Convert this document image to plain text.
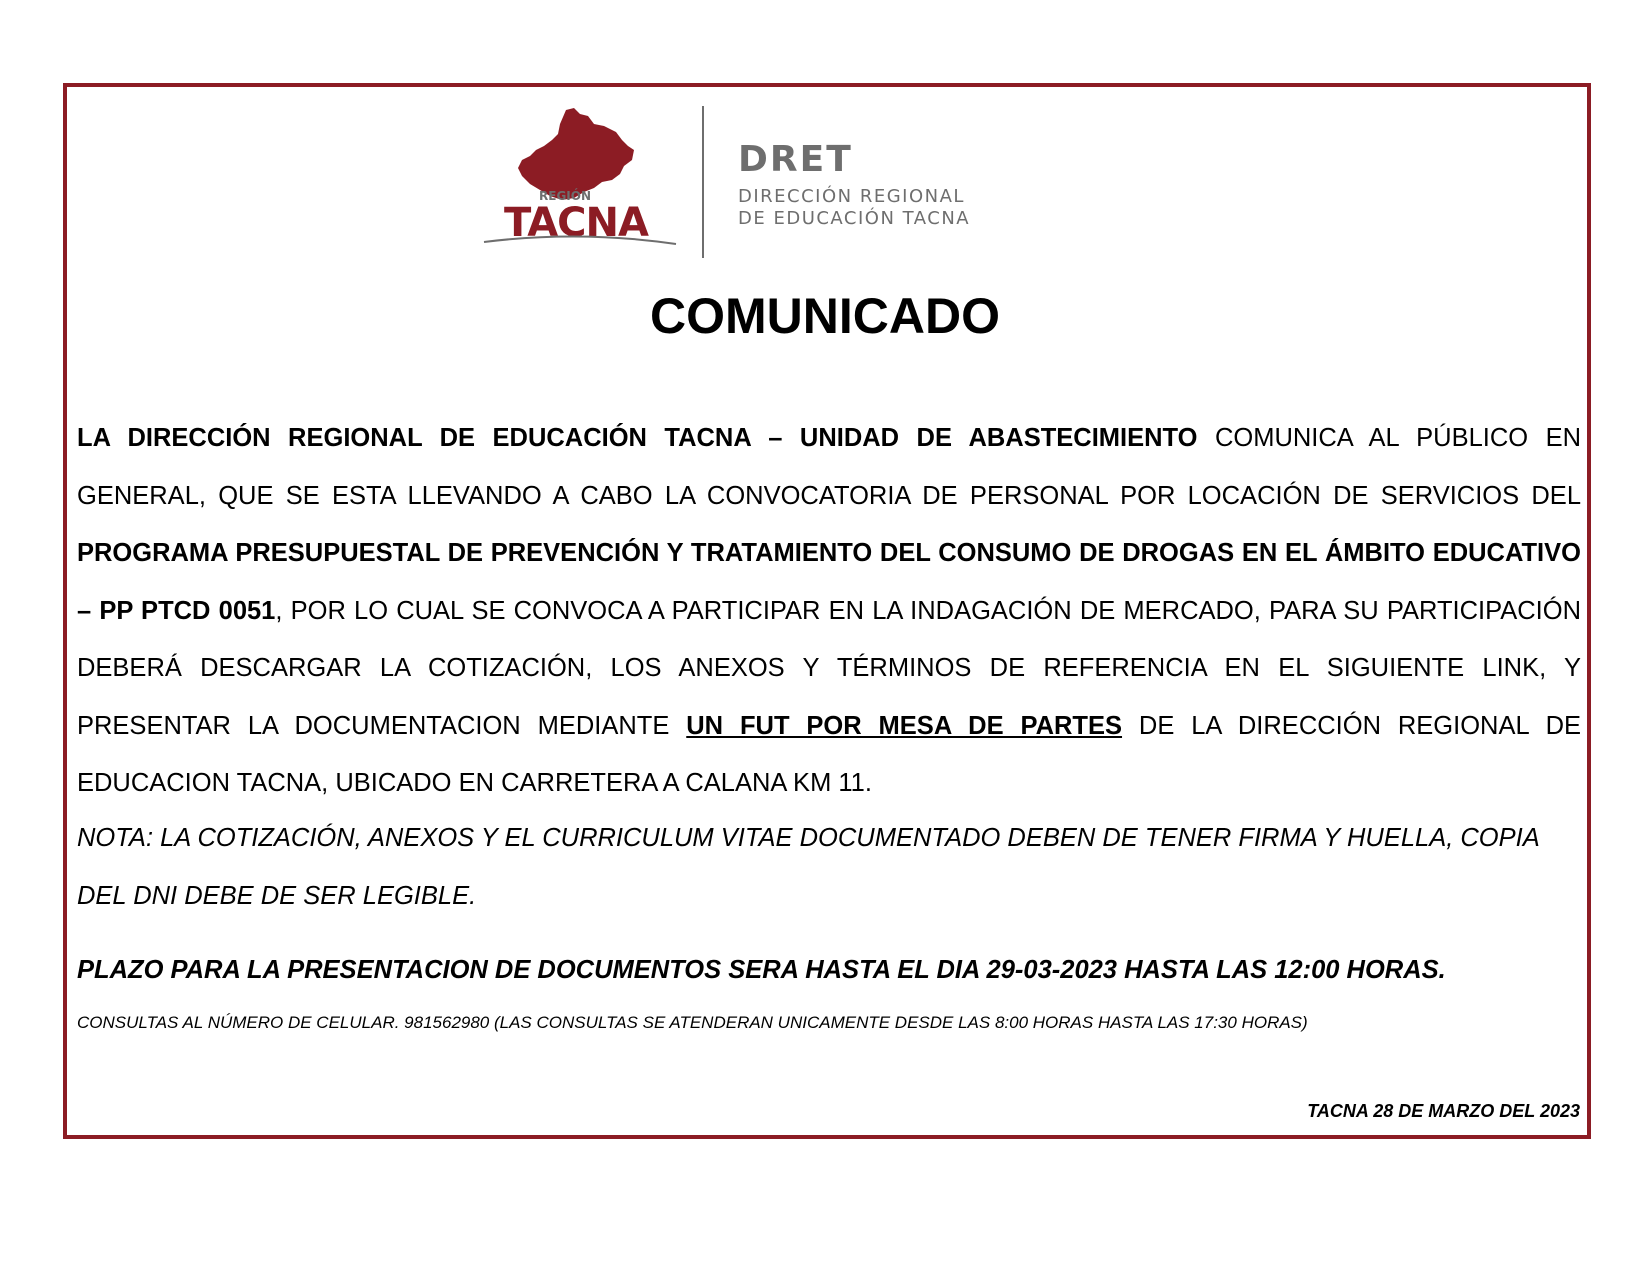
REGIÓN
TACNA

DRET

DIRECCIÓN REGIONAL

DE EDUCACIÓN TACNA

COMUNICADO

LA DIRECCIÓN REGIONAL DE EDUCACIÓN TACNA – UNIDAD DE ABASTECIMIENTO COMUNICA AL PÚBLICO EN GENERAL, QUE SE ESTA LLEVANDO A CABO LA CONVOCATORIA DE PERSONAL POR LOCACIÓN DE SERVICIOS DEL PROGRAMA PRESUPUESTAL DE PREVENCIÓN Y TRATAMIENTO DEL CONSUMO DE DROGAS EN EL ÁMBITO EDUCATIVO – PP PTCD 0051, POR LO CUAL SE CONVOCA A PARTICIPAR EN LA INDAGACIÓN DE MERCADO, PARA SU PARTICIPACIÓN DEBERÁ DESCARGAR LA COTIZACIÓN, LOS ANEXOS Y TÉRMINOS DE REFERENCIA EN EL SIGUIENTE LINK, Y PRESENTAR LA DOCUMENTACION MEDIANTE UN FUT POR MESA DE PARTES DE LA DIRECCIÓN REGIONAL DE EDUCACION TACNA, UBICADO EN CARRETERA A CALANA KM 11.

NOTA: LA COTIZACIÓN, ANEXOS Y EL CURRICULUM VITAE DOCUMENTADO DEBEN DE TENER FIRMA Y HUELLA, COPIA DEL DNI DEBE DE SER LEGIBLE.

PLAZO PARA LA PRESENTACION DE DOCUMENTOS SERA HASTA EL DIA 29-03-2023 HASTA LAS 12:00 HORAS.
CONSULTAS AL NÚMERO DE CELULAR. 981562980 (LAS CONSULTAS SE ATENDERAN UNICAMENTE DESDE LAS 8:00 HORAS HASTA LAS 17:30 HORAS)
TACNA 28 DE MARZO DEL 2023
